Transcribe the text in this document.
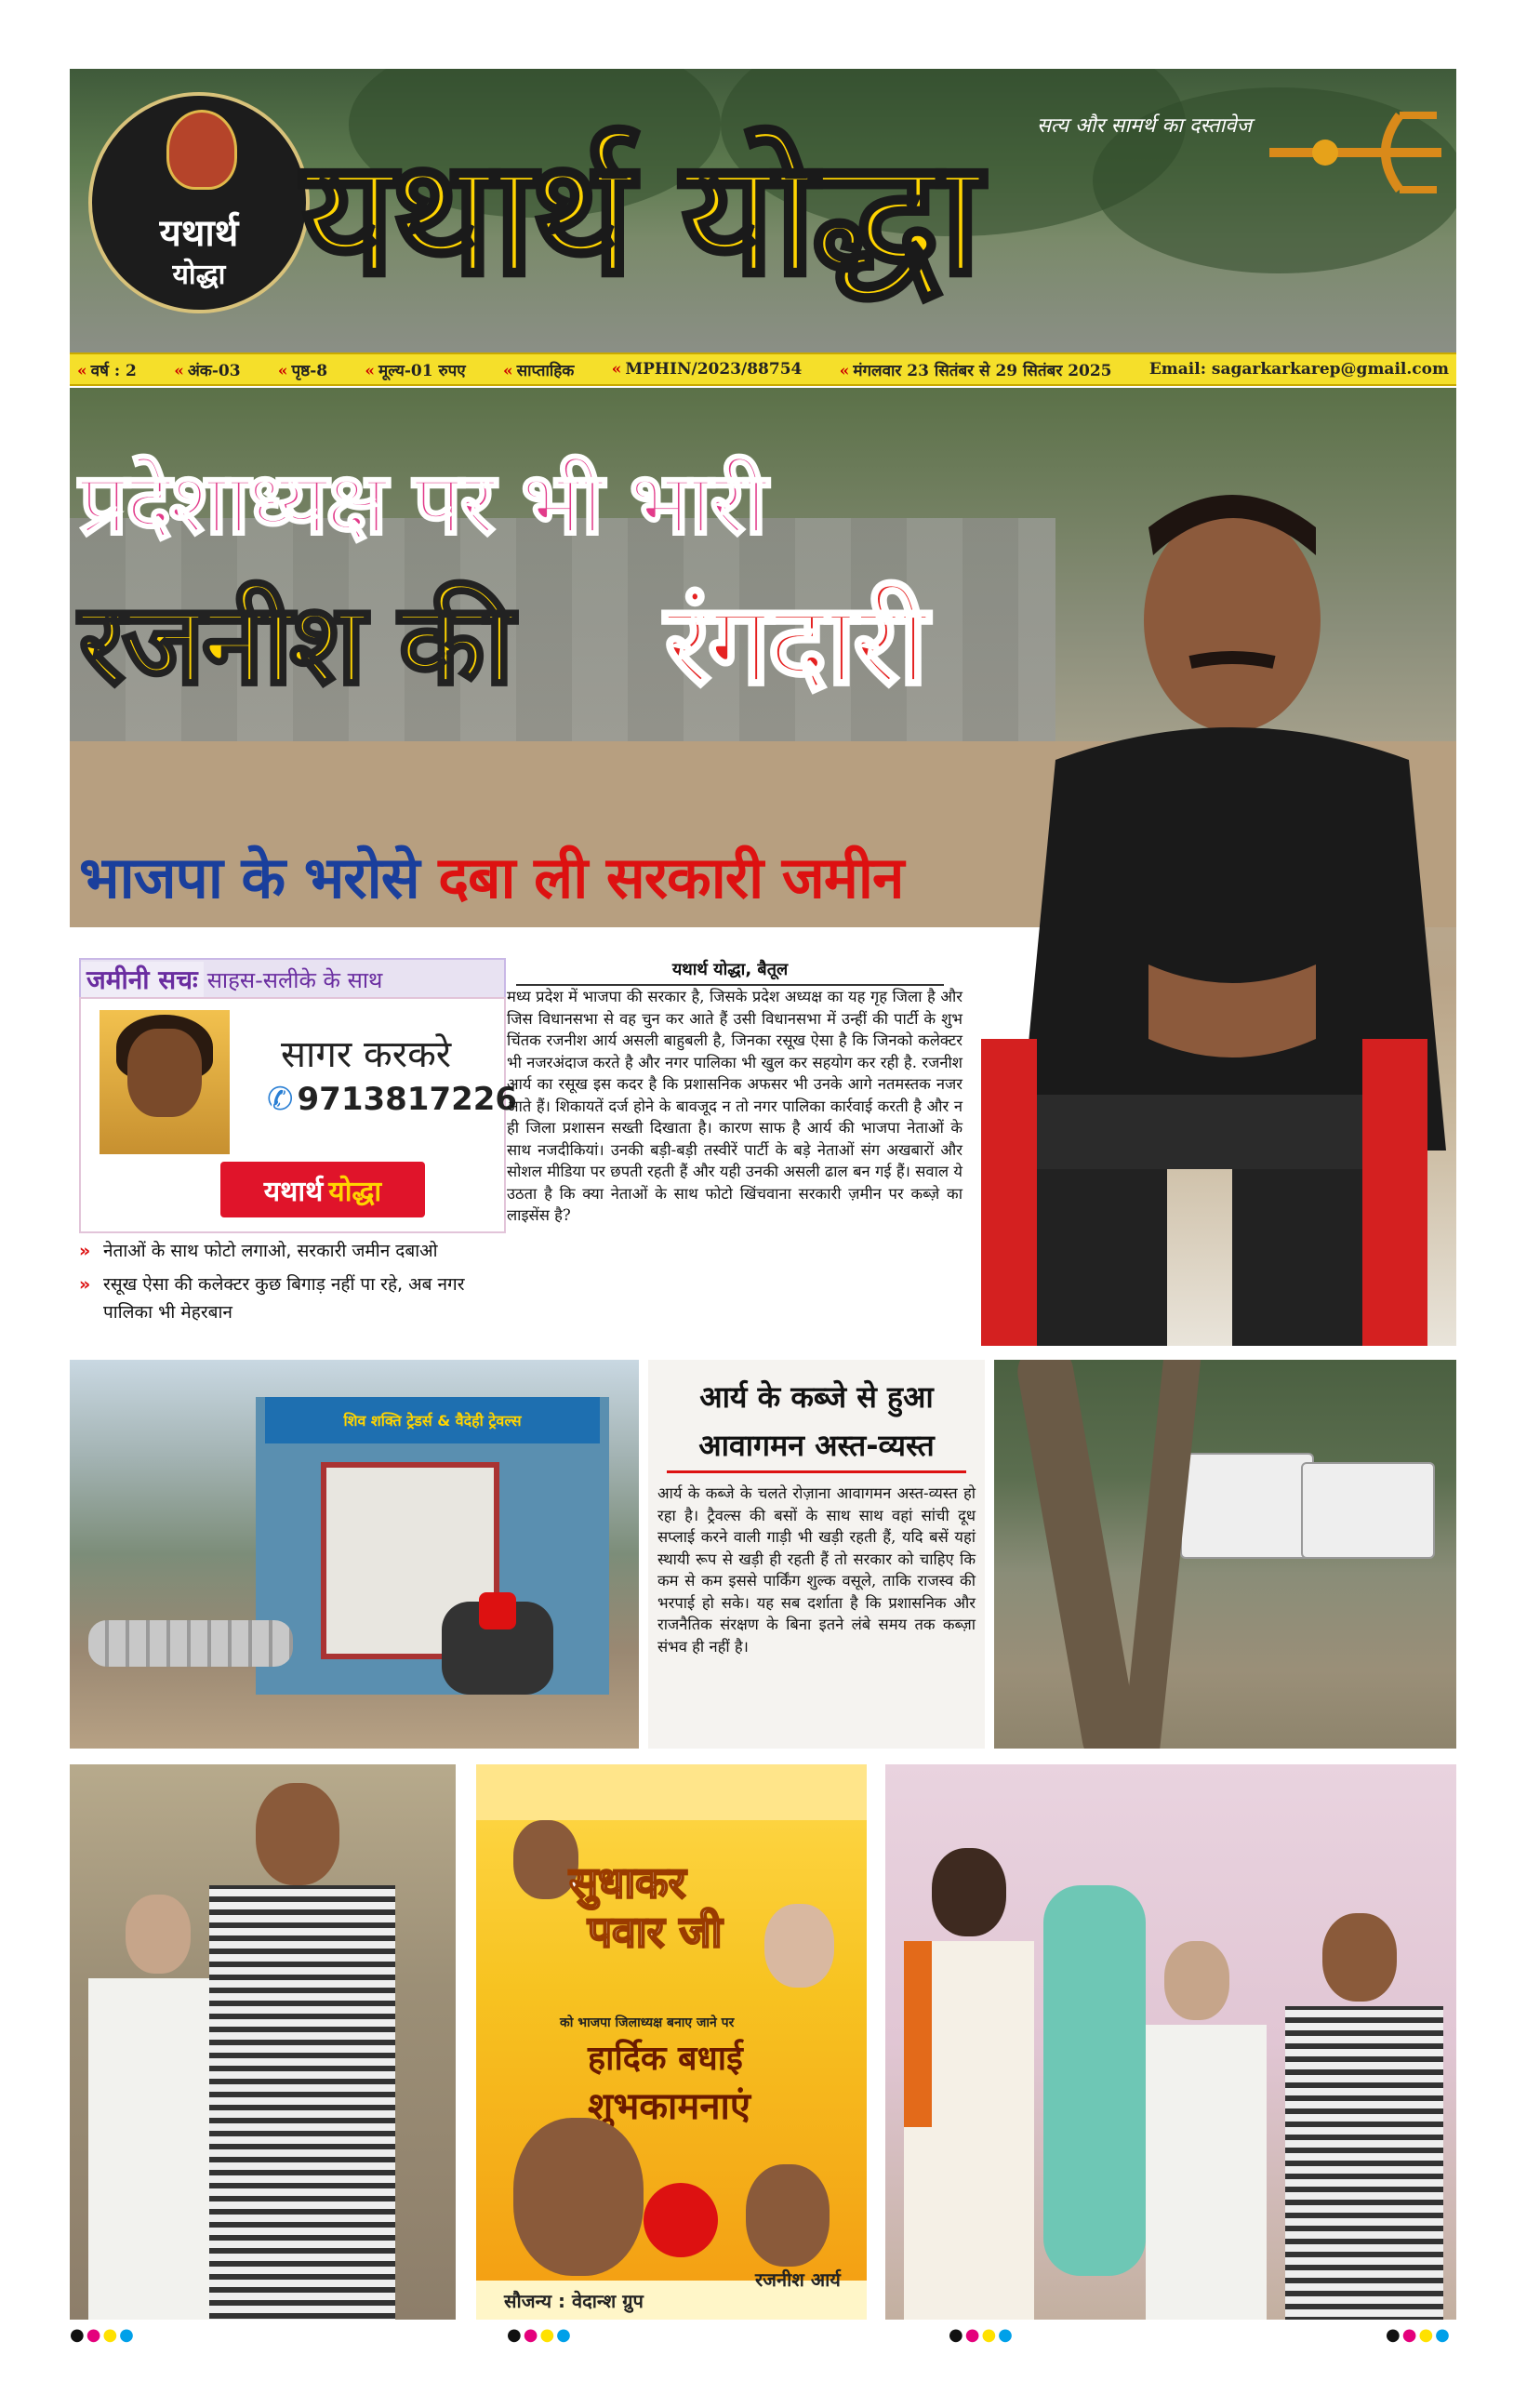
यथार्थ
योद्धा यथार्थ योद्धा	सत्य और सामर्थ का दस्तावेज
« वर्ष : 2 « अंक-03 « पृष्ठ-8 « मूल्य-01 रुपए « साप्ताहिक « MPHIN/2023/88754 « मंगलवार 23 सितंबर से 29 सितंबर 2025 Email: sagarkarkarep@gmail.com
प्रदेशाध्यक्ष पर भी भारी
रजनीश की रंगदारी
भाजपा के भरोसे दबा ली सरकारी जमीन
जमीनी सचः साहस-सलीके के साथ
सागर करकरे
✆ 9713817226
यथार्थ योद्धा
» नेताओं के साथ फोटो लगाओ, सरकारी जमीन दबाओ
» रसूख ऐसा की कलेक्टर कुछ बिगाड़ नहीं पा रहे, अब नगर पालिका भी मेहरबान
यथार्थ योद्धा, बैतूल
मध्य प्रदेश में भाजपा की सरकार है, जिसके प्रदेश अध्यक्ष का यह गृह जिला है और जिस विधानसभा से वह चुन कर आते हैं उसी विधानसभा में उन्हीं की पार्टी के शुभ चिंतक रजनीश आर्य असली बाहुबली है, जिनका रसूख ऐसा है कि जिनको कलेक्टर भी नजरअंदाज करते है और नगर पालिका भी खुल कर सहयोग कर रही है. रजनीश आर्य का रसूख इस कदर है कि प्रशासनिक अफसर भी उनके आगे नतमस्तक नजर आते हैं। शिकायतें दर्ज होने के बावजूद न तो नगर पालिका कार्रवाई करती है और न ही जिला प्रशासन सख्ती दिखाता है। कारण साफ है आर्य की भाजपा नेताओं के साथ नजदीकियां। उनकी बड़ी-बड़ी तस्वीरें पार्टी के बड़े नेताओं संग अखबारों और सोशल मीडिया पर छपती रहती हैं और यही उनकी असली ढाल बन गई हैं। सवाल ये उठता है कि क्या नेताओं के साथ फोटो खिंचवाना सरकारी ज़मीन पर कब्ज़े का लाइसेंस है?
शिव शक्ति ट्रेडर्स & वैदेही ट्रेवल्स
आर्य के कब्जे से हुआ
आवागमन अस्त-व्यस्त
आर्य के कब्जे के चलते रोज़ाना आवागमन अस्त-व्यस्त हो रहा है। ट्रैवल्स की बसों के साथ साथ वहां सांची दूध सप्लाई करने वाली गाड़ी भी खड़ी रहती हैं, यदि बसें यहां स्थायी रूप से खड़ी ही रहती हैं तो सरकार को चाहिए कि कम से कम इससे पार्किंग शुल्क वसूले, ताकि राजस्व की भरपाई हो सके। यह सब दर्शाता है कि प्रशासनिक और राजनैतिक संरक्षण के बिना इतने लंबे समय तक कब्ज़ा संभव ही नहीं है।
सुधाकर
पवार जी
को भाजपा जिलाध्यक्ष बनाए जाने पर
हार्दिक बधाई
शुभकामनाएं
सौजन्य : वेदान्श ग्रुप
रजनीश आर्य
●●●●	●●●●	●●●●	●●●●
